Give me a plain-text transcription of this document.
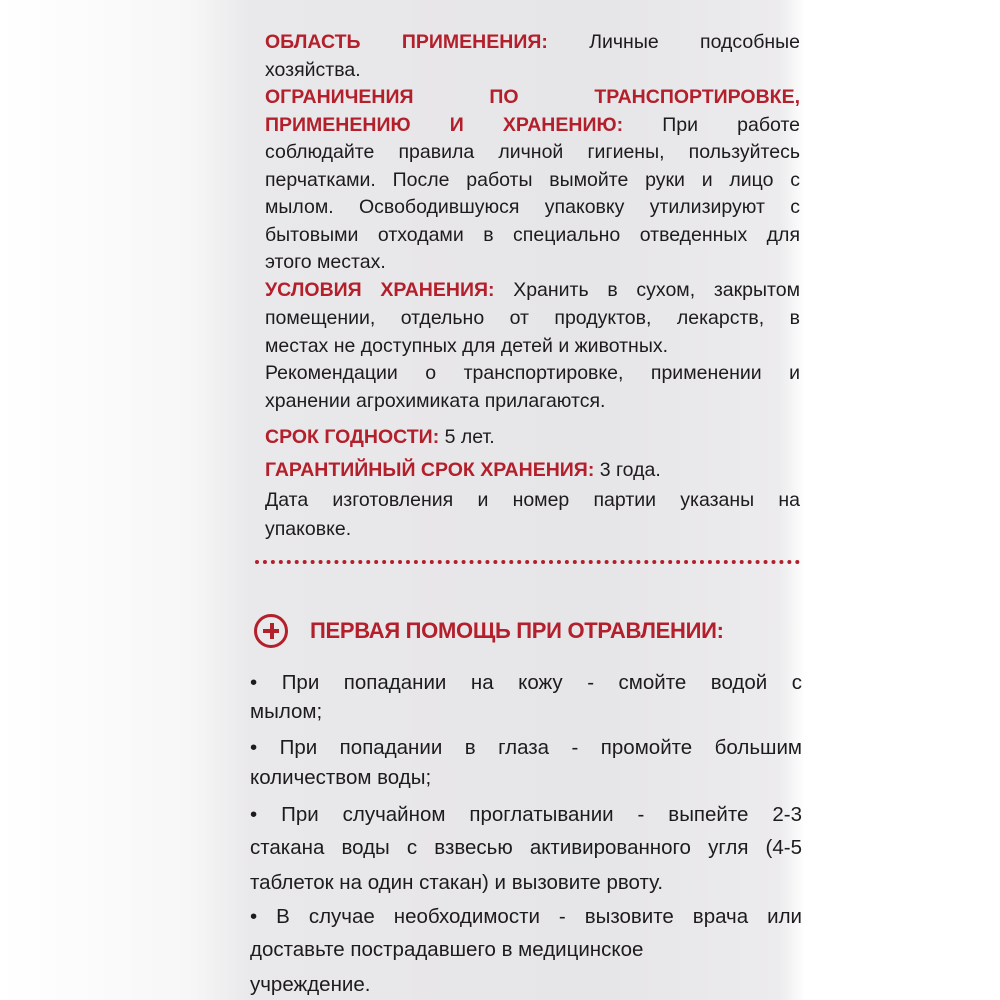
ОБЛАСТЬ ПРИМЕНЕНИЯ: Личные подсобные
хозяйства.
ОГРАНИЧЕНИЯ ПО ТРАНСПОРТИРОВКЕ,
ПРИМЕНЕНИЮ И ХРАНЕНИЮ: При работе
соблюдайте правила личной гигиены, пользуйтесь
перчатками. После работы вымойте руки и лицо с
мылом. Освободившуюся упаковку утилизируют с
бытовыми отходами в специально отведенных для
этого местах.
УСЛОВИЯ ХРАНЕНИЯ: Хранить в сухом, закрытом
помещении, отдельно от продуктов, лекарств, в
местах не доступных для детей и животных.
Рекомендации о транспортировке, применении и
хранении агрохимиката прилагаются.
СРОК ГОДНОСТИ: 5 лет.
ГАРАНТИЙНЫЙ СРОК ХРАНЕНИЯ: 3 года.
Дата изготовления и номер партии указаны на
упаковке.
ПЕРВАЯ ПОМОЩЬ ПРИ ОТРАВЛЕНИИ:
• При попадании на кожу - смойте водой с
мылом;
• При попадании в глаза - промойте большим
количеством воды;
• При случайном проглатывании - выпейте 2-3
стакана воды с взвесью активированного угля (4-5
таблеток на один стакан) и вызовите рвоту.
• В случае необходимости - вызовите врача или
доставьте пострадавшего в медицинское
учреждение.
